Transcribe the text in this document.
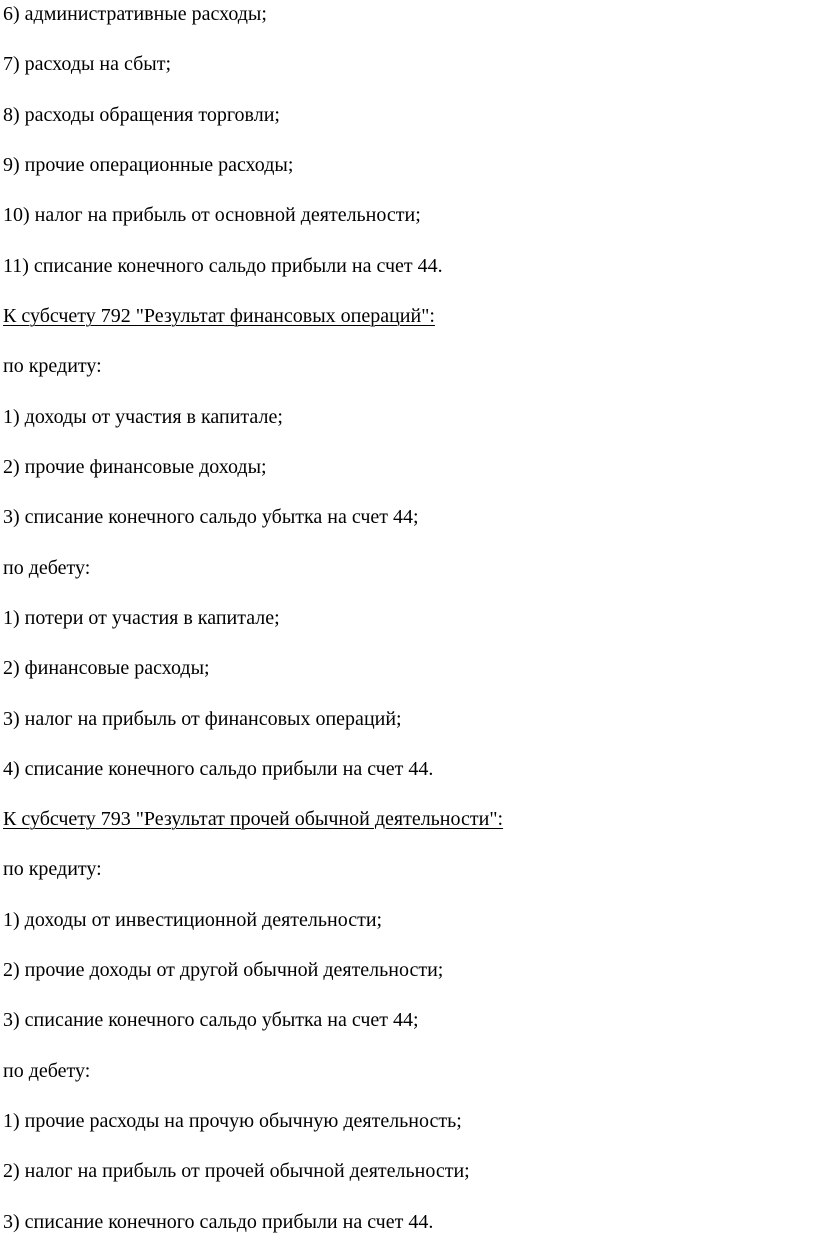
6) административные расходы;

7) расходы на сбыт;

8) расходы обращения торговли;

9) прочие операционные расходы;

10) налог на прибыль от основной деятельности;

11) списание конечного сальдо прибыли на счет 44.

К субсчету 792 "Результат финансовых операций":

по кредиту:

1) доходы от участия в капитале;

2) прочие финансовые доходы;

3) списание конечного сальдо убытка на счет 44;

по дебету:

1) потери от участия в капитале;

2) финансовые расходы;

3) налог на прибыль от финансовых операций;

4) списание конечного сальдо прибыли на счет 44.

К субсчету 793 "Результат прочей обычной деятельности":

по кредиту:

1) доходы от инвестиционной деятельности;

2) прочие доходы от другой обычной деятельности;

3) списание конечного сальдо убытка на счет 44;

по дебету:

1) прочие расходы на прочую обычную деятельность;

2) налог на прибыль от прочей обычной деятельности;

3) списание конечного сальдо прибыли на счет 44.
